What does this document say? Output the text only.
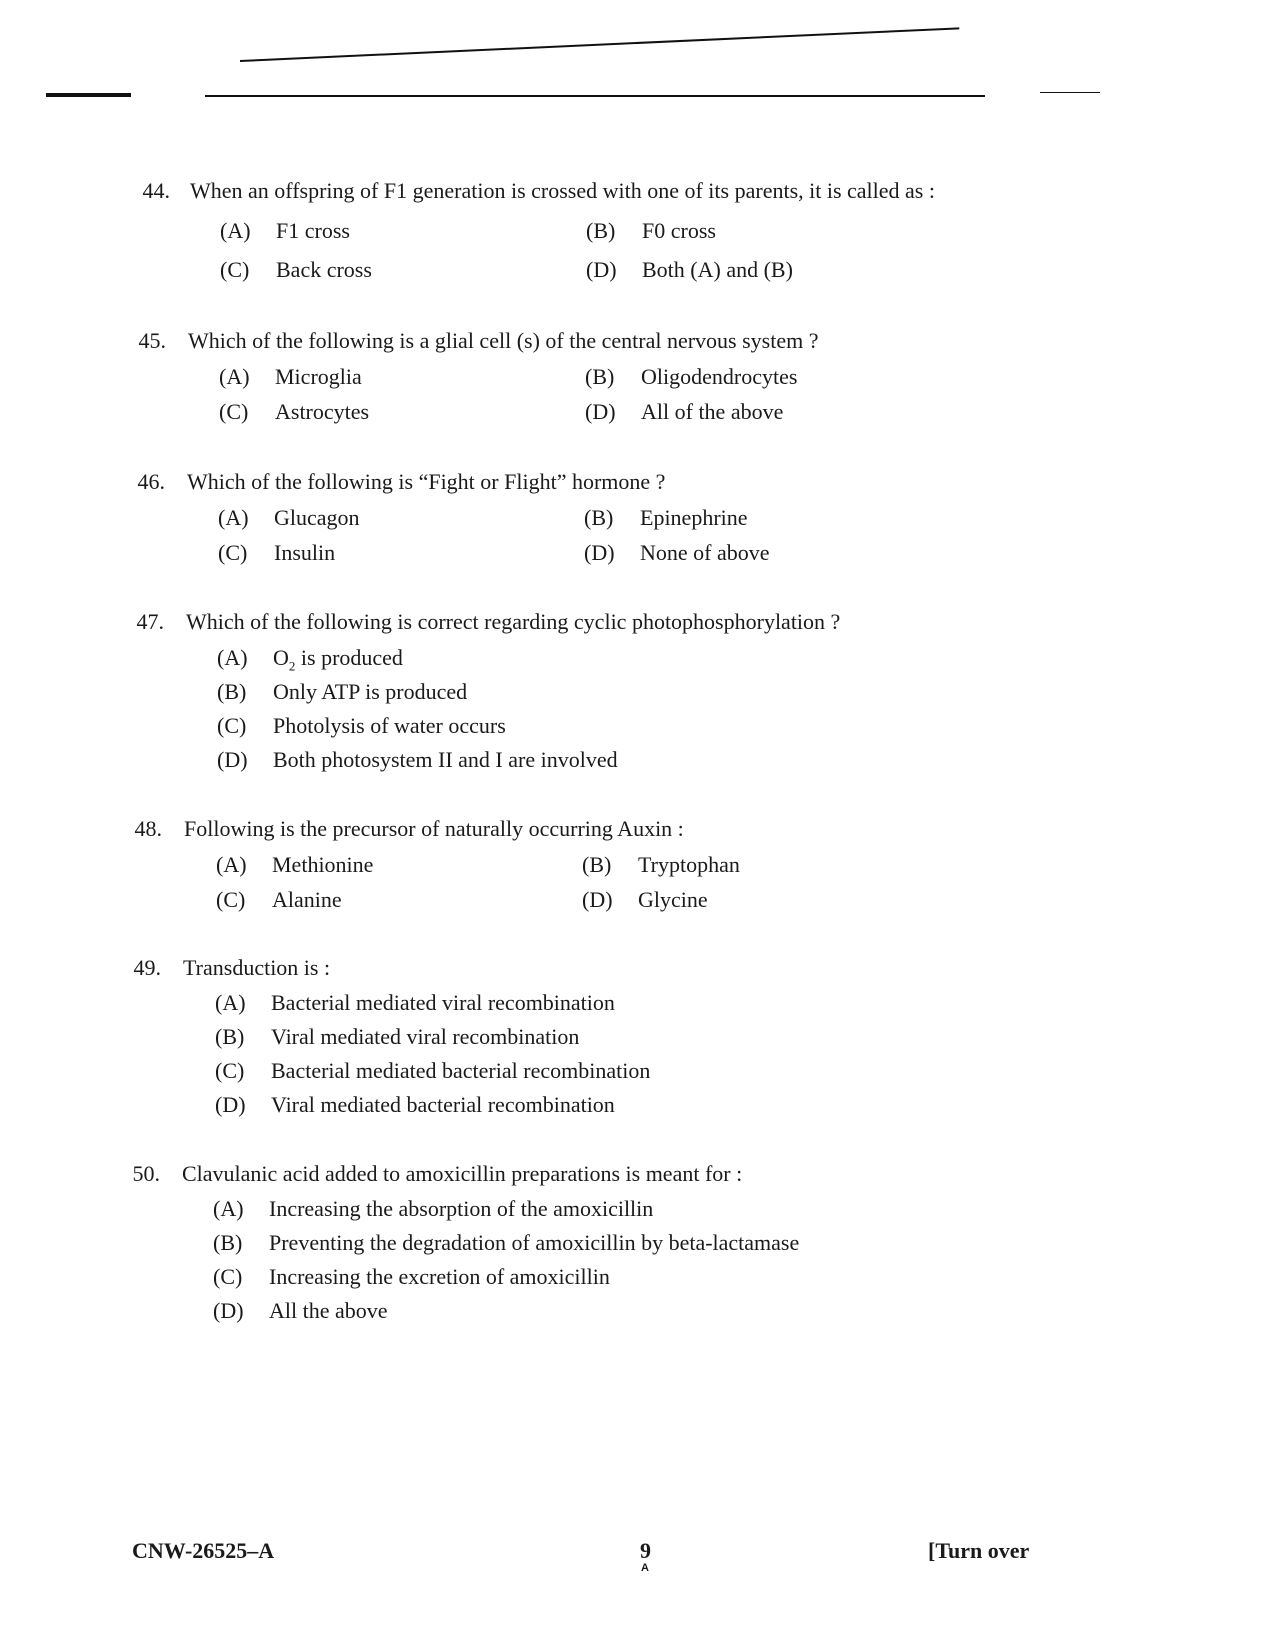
44. When an offspring of F1 generation is crossed with one of its parents, it is called as :
(A) F1 cross	(B) F0 cross
(C) Back cross	(D) Both (A) and (B)
45. Which of the following is a glial cell (s) of the central nervous system ?
(A) Microglia	(B) Oligodendrocytes
(C) Astrocytes	(D) All of the above
46. Which of the following is “Fight or Flight” hormone ?
(A) Glucagon	(B) Epinephrine
(C) Insulin	(D) None of above
47. Which of the following is correct regarding cyclic photophosphorylation ?
(A) $O_2$ is produced
(B) Only ATP is produced
(C) Photolysis of water occurs
(D) Both photosystem II and I are involved
48. Following is the precursor of naturally occurring Auxin :
(A) Methionine	(B) Tryptophan
(C) Alanine	(D) Glycine
49. Transduction is :
(A) Bacterial mediated viral recombination
(B) Viral mediated viral recombination
(C) Bacterial mediated bacterial recombination
(D) Viral mediated bacterial recombination
50. Clavulanic acid added to amoxicillin preparations is meant for :
(A) Increasing the absorption of the amoxicillin
(B) Preventing the degradation of amoxicillin by beta-lactamase
(C) Increasing the excretion of amoxicillin
(D) All the above
CNW-26525–A	9
A
[Turn over
